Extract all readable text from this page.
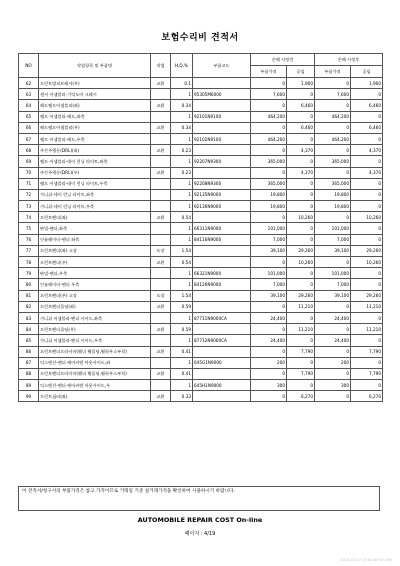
보험수리비 견적서
NO	작업항목 및 부품명	작업	H,Q,%	부품코드	손해 사정전		손해 사정후	
					부품가격	공임	부품가격	공임
62	프런트범퍼트레서(우)	교환	0.1		0	1,900	0	1,900
63	센서 어셈블리-기억도어 크레시		1	95305M6000	7,600	0	7,600	0
64	헤드램프어셈블리(좌)	교환	0.34		0	6,460	0	6,460
65	램프 어셈블리-헤드,좌측		1	92101N9100	464,200	0	464,200	0
66	헤드램프어셈블리(우)	교환	0.34		0	6,460	0	6,460
67	램프 어셈블리-헤드,우측		1	92102N9100	464,200	0	464,200	0
68	주간주행등(DRL)(좌)	교환	0.23		0	4,370	0	4,370
69	램프 어셈블리-데이 런닝 라이트,좌측		1	92207N9300	365,000	0	365,000	0
70	주간주행등(DRL)(우)	교환	0.23		0	4,370	0	4,370
71	램프 어셈블리-데이 런닝 라이트,우측		1	92208N9300	365,000	0	365,000	0
72	가니쉬-데이 런닝 라이트,좌측		1	92135N9000	19,800	0	19,800	0
73	가니쉬-데이 런닝 라이트,우측		1	92136N9000	19,800	0	19,800	0
74	프런트펜더(좌)	교환	0.54		0	10,260	0	10,260
75	판넬-펜더,좌측		1	66311N9000	101,000	0	101,000	0
76	인슐레이터-펜더 좌측		1	84116N9000	7,000	0	7,000	0
77	프런트펜더(좌) 고장	도장	1.54		39,100	29,260	39,100	29,260
78	프런트펜더(우)	교환	0.54		0	10,260	0	10,260
79	판넬-펜더,우측		1	66321N9000	101,000	0	101,000	0
80	인슐레이터-펜더 우측		1	84126N9000	7,000	0	7,000	0
81	프런트펜더(우) 고장	도장	1.54		39,100	29,260	39,100	29,260
82	프런트펜더몰딩(좌)	교환	0.59		0	11,210	0	11,210
83	가니쉬 어셈블리-펜더 사이드,좌측		1	87711N9000CA	24,400	0	24,400	0
84	프런트펜더몰딩(우)	교환	0.59		0	11,210	0	11,210
85	가니쉬 어셈블리-펜더 사이드,우측		1	87712N9000CA	24,400	0	24,400	0
86	프런트펜더프라이머(휀더 휠몰딩,휠하우스부착)	교환	0.41		0	7,790	0	7,790
87	익스텐션-펜더 에어커텐 아웃사이드,좌		1	645G1N9000	200	0	200	0
88	프런트펜더프라이머(휀더 휠몰딩,휠하우스부착)	교환	0.41		0	7,790	0	7,790
89	익스텐션-펜더 에어커텐 아웃사이드,우		1	645H1N9000	300	0	300	0
90	프런트필러(좌)	교환	0.33		0	6,270	0	6,270
이 견적서/청구서의 부품가격은 참고 가격이므로 거래일 기준 실거래가격을 확인하여 사용하시기 바랍니다.
AUTOMOBILE REPAIR COST On-line
페이지 : 4/19
2024-03-07 11:30:40 67.190
